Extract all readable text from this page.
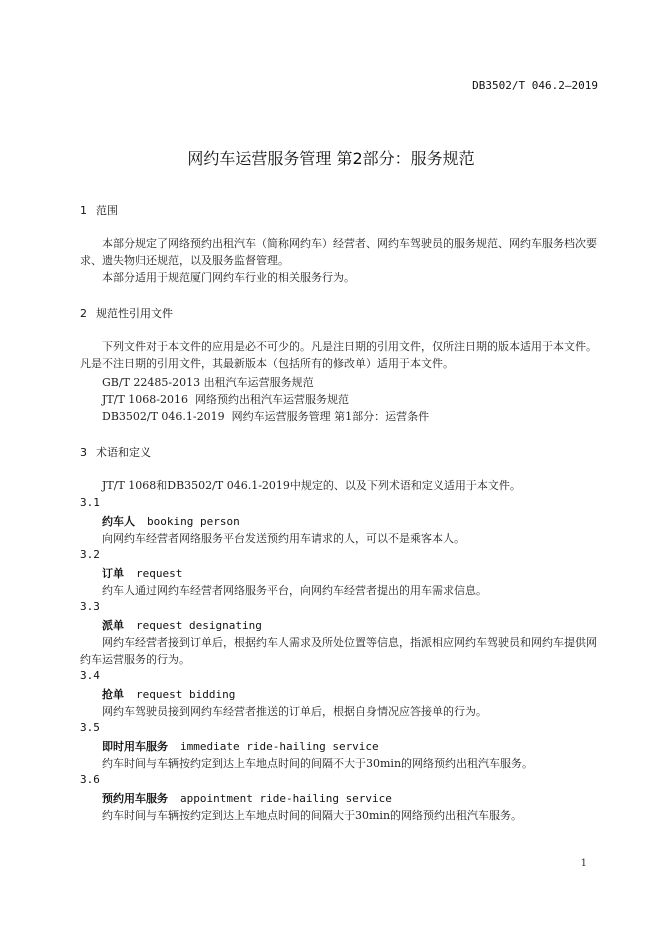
DB3502/T 046.2—2019
网约车运营服务管理 第2部分：服务规范
1 范围
本部分规定了网络预约出租汽车（简称网约车）经营者、网约车驾驶员的服务规范、网约车服务档次要求、遗失物归还规范，以及服务监督管理。
本部分适用于规范厦门网约车行业的相关服务行为。
2 规范性引用文件
下列文件对于本文件的应用是必不可少的。凡是注日期的引用文件，仅所注日期的版本适用于本文件。凡是不注日期的引用文件，其最新版本（包括所有的修改单）适用于本文件。
GB/T 22485-2013 出租汽车运营服务规范
JT/T 1068-2016  网络预约出租汽车运营服务规范
DB3502/T 046.1-2019  网约车运营服务管理 第1部分：运营条件
3 术语和定义
JT/T 1068和DB3502/T 046.1-2019中规定的、以及下列术语和定义适用于本文件。
3.1
约车人 booking person
向网约车经营者网络服务平台发送预约用车请求的人，可以不是乘客本人。
3.2
订单 request
约车人通过网约车经营者网络服务平台，向网约车经营者提出的用车需求信息。
3.3
派单 request designating
网约车经营者接到订单后，根据约车人需求及所处位置等信息，指派相应网约车驾驶员和网约车提供网约车运营服务的行为。
3.4
抢单 request bidding
网约车驾驶员接到网约车经营者推送的订单后，根据自身情况应答接单的行为。
3.5
即时用车服务 immediate ride-hailing service
约车时间与车辆按约定到达上车地点时间的间隔不大于30min的网络预约出租汽车服务。
3.6
预约用车服务 appointment ride-hailing service
约车时间与车辆按约定到达上车地点时间的间隔大于30min的网络预约出租汽车服务。
1
